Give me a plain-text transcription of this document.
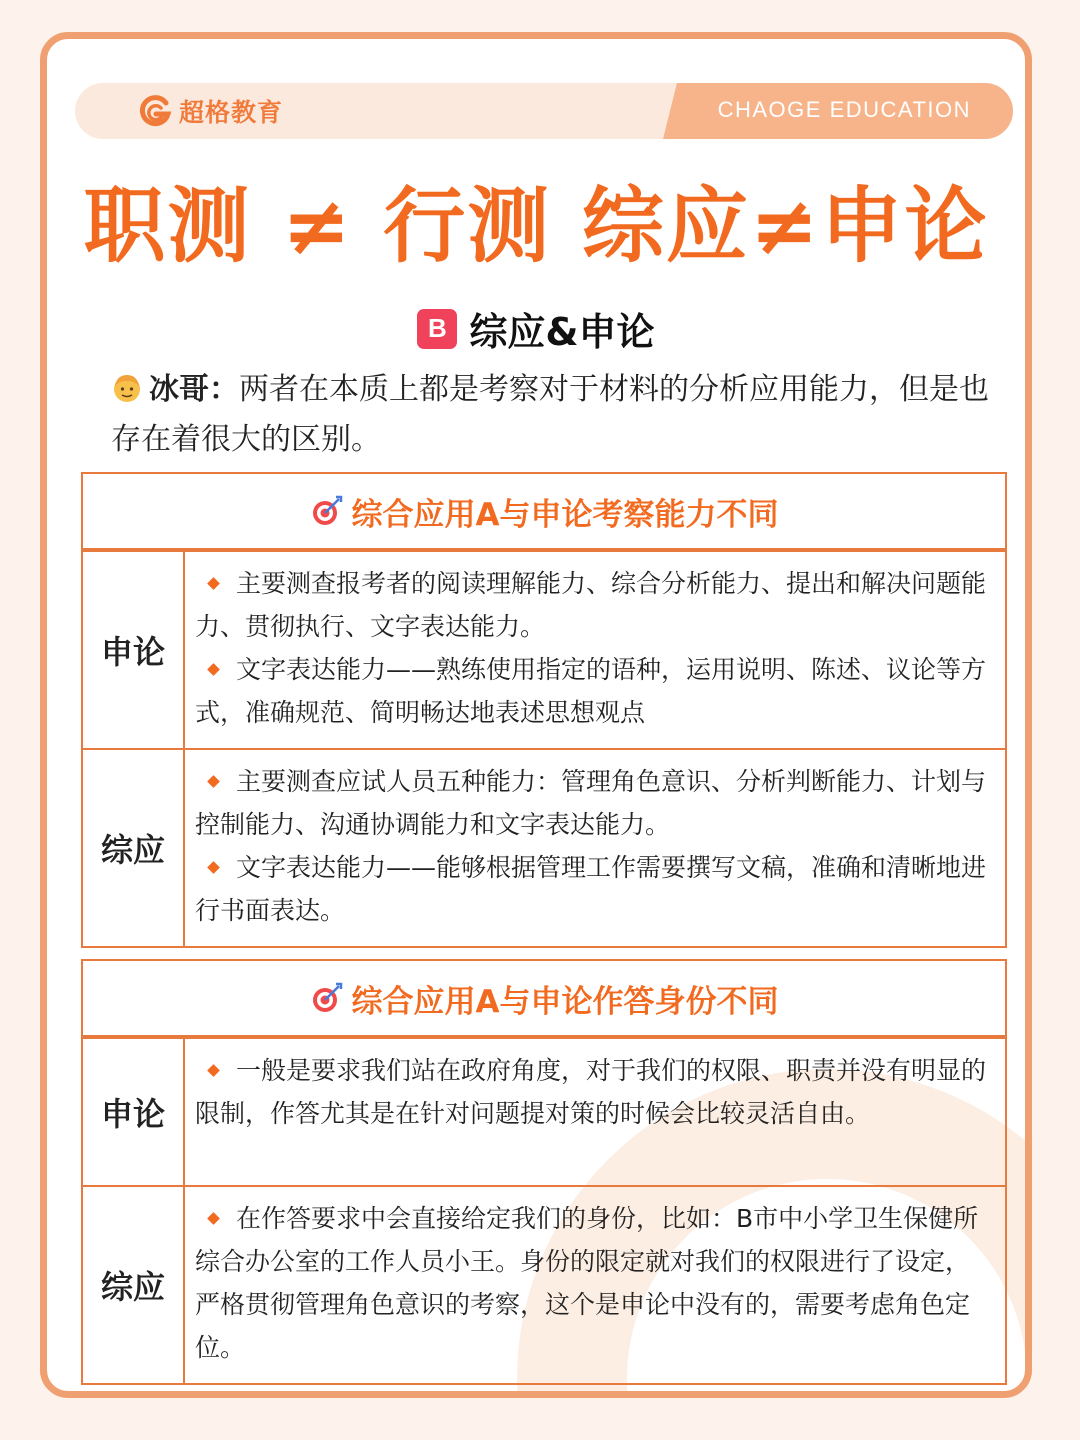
超格教育	CHAOGE EDUCATION
职测 ≠ 行测 综应≠申论
B 综应&申论
冰哥：两者在本质上都是考察对于材料的分析应用能力，但是也存在着很大的区别。
综合应用A与申论考察能力不同
申论
主要测查报考者的阅读理解能力、综合分析能力、提出和解决问题能力、贯彻执行、文字表达能力。
文字表达能力——熟练使用指定的语种，运用说明、陈述、议论等方式，准确规范、简明畅达地表述思想观点
综应
主要测查应试人员五种能力：管理角色意识、分析判断能力、计划与控制能力、沟通协调能力和文字表达能力。
文字表达能力——能够根据管理工作需要撰写文稿，准确和清晰地进行书面表达。
综合应用A与申论作答身份不同
申论
一般是要求我们站在政府角度，对于我们的权限、职责并没有明显的限制，作答尤其是在针对问题提对策的时候会比较灵活自由。
综应
在作答要求中会直接给定我们的身份，比如：B市中小学卫生保健所综合办公室的工作人员小王。身份的限定就对我们的权限进行了设定，严格贯彻管理角色意识的考察，这个是申论中没有的，需要考虑角色定位。
